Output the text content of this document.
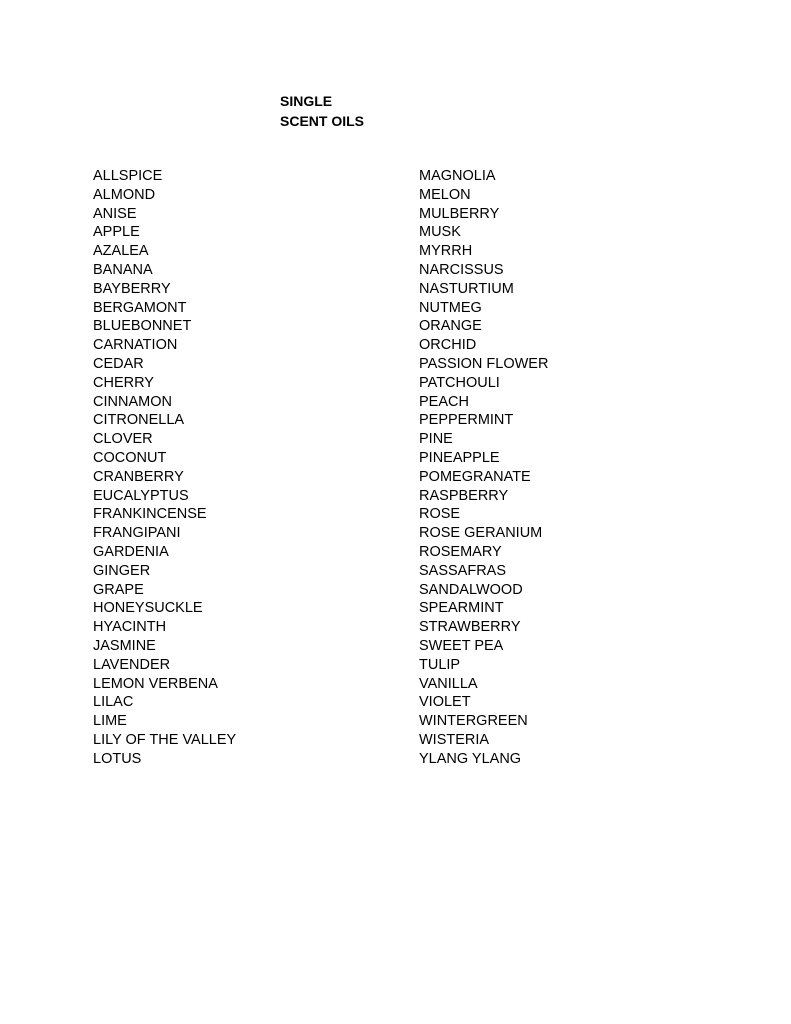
SINGLE
SCENT OILS
ALLSPICE
ALMOND
ANISE
APPLE
AZALEA
BANANA
BAYBERRY
BERGAMONT
BLUEBONNET
CARNATION
CEDAR
CHERRY
CINNAMON
CITRONELLA
CLOVER
COCONUT
CRANBERRY
EUCALYPTUS
FRANKINCENSE
FRANGIPANI
GARDENIA
GINGER
GRAPE
HONEYSUCKLE
HYACINTH
JASMINE
LAVENDER
LEMON VERBENA
LILAC
LIME
LILY OF THE VALLEY
LOTUS
MAGNOLIA
MELON
MULBERRY
MUSK
MYRRH
NARCISSUS
NASTURTIUM
NUTMEG
ORANGE
ORCHID
PASSION FLOWER
PATCHOULI
PEACH
PEPPERMINT
PINE
PINEAPPLE
POMEGRANATE
RASPBERRY
ROSE
ROSE GERANIUM
ROSEMARY
SASSAFRAS
SANDALWOOD
SPEARMINT
STRAWBERRY
SWEET PEA
TULIP
VANILLA
VIOLET
WINTERGREEN
WISTERIA
YLANG YLANG
